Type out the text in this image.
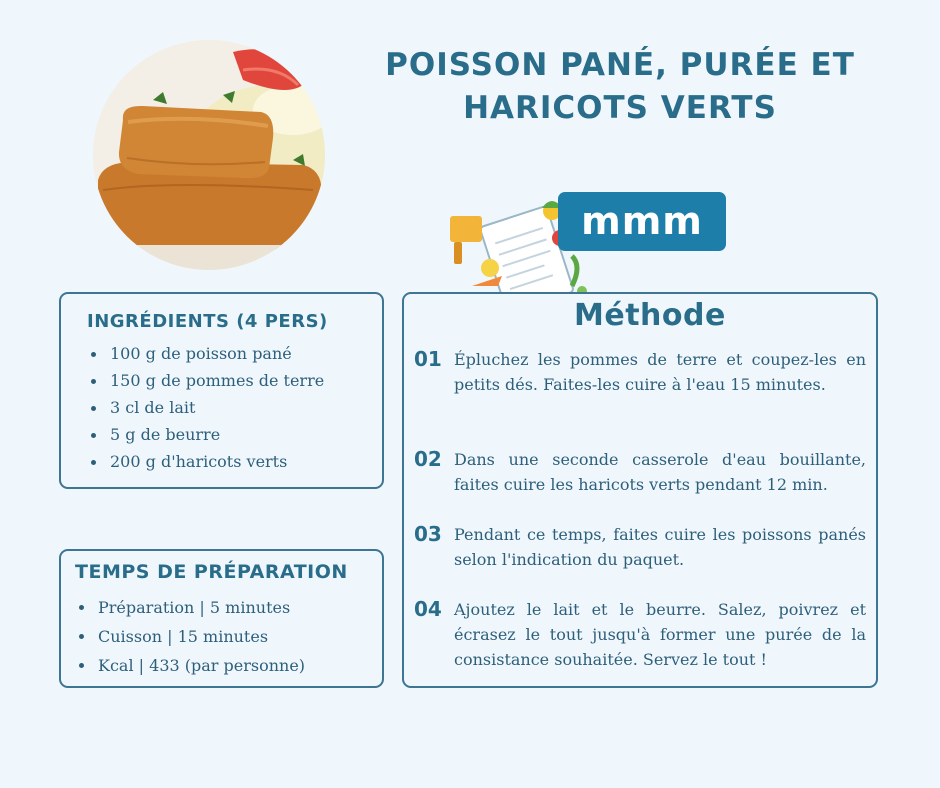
POISSON PANÉ, PURÉE ET HARICOTS VERTS
mmm
INGRÉDIENTS (4 PERS)
100 g de poisson pané
150 g de pommes de terre
3 cl de lait
5 g de beurre
200 g d'haricots verts
TEMPS DE PRÉPARATION
Préparation | 5 minutes
Cuisson | 15 minutes
Kcal | 433 (par personne)
Méthode
01 Épluchez les pommes de terre et coupez-les en petits dés. Faites-les cuire à l'eau 15 minutes.
02 Dans une seconde casserole d'eau bouillante, faites cuire les haricots verts pendant 12 min.
03 Pendant ce temps, faites cuire les poissons panés selon l'indication du paquet.
04 Ajoutez le lait et le beurre. Salez, poivrez et écrasez le tout jusqu'à former une purée de la consistance souhaitée. Servez le tout !
